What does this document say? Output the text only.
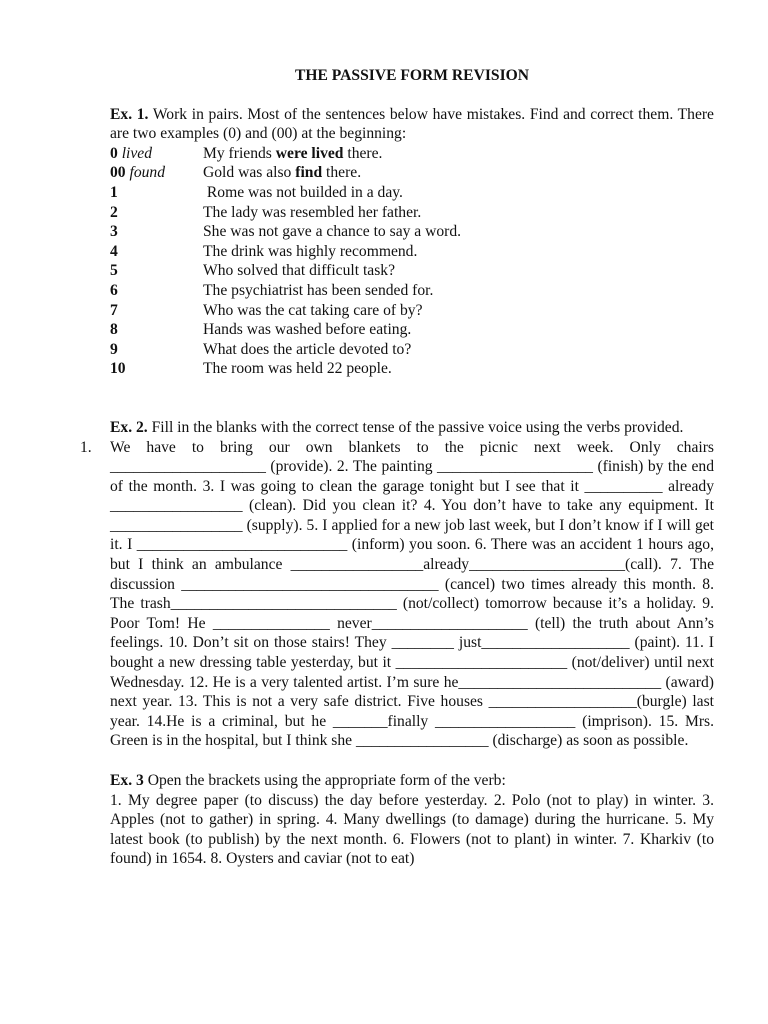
THE PASSIVE FORM REVISION

Ex. 1. Work in pairs. Most of the sentences below have mistakes. Find and correct them. There are two examples (0) and (00) at the beginning:

0 lived	My friends were lived there.
00 found	Gold was also find there.
1	Rome was not builded in a day.
2	The lady was resembled her father.
3	She was not gave a chance to say a word.
4	The drink was highly recommend.
5	Who solved that difficult task?
6	The psychiatrist has been sended for.
7	Who was the cat taking care of by?
8	Hands was washed before eating.
9	What does the article devoted to?
10	The room was held 22 people.

Ex. 2. Fill in the blanks with the correct tense of the passive voice using the verbs provided.

1. We have to bring our own blankets to the picnic next week. Only chairs ____________________ (provide). 2. The painting ____________________ (finish) by the end of the month. 3. I was going to clean the garage tonight but I see that it __________ already _________________ (clean). Did you clean it? 4. You don’t have to take any equipment. It _________________ (supply). 5. I applied for a new job last week, but I don’t know if I will get it. I ___________________________ (inform) you soon. 6. There was an accident 1 hours ago, but I think an ambulance _________________already____________________(call). 7. The discussion _________________________________ (cancel) two times already this month. 8. The trash_____________________________ (not/collect) tomorrow because it’s a holiday. 9. Poor Tom! He _______________ never____________________ (tell) the truth about Ann’s feelings. 10. Don’t sit on those stairs! They ________ just___________________ (paint). 11. I bought a new dressing table yesterday, but it ______________________ (not/deliver) until next Wednesday. 12. He is a very talented artist. I’m sure he__________________________ (award) next year. 13. This is not a very safe district. Five houses ___________________(burgle) last year. 14.He is a criminal, but he _______finally __________________ (imprison). 15. Mrs. Green is in the hospital, but I think she _________________ (discharge) as soon as possible.

Ex. 3 Open the brackets using the appropriate form of the verb:

1. My degree paper (to discuss) the day before yesterday. 2. Polo (not to play) in winter. 3. Apples (not to gather) in spring. 4. Many dwellings (to damage) during the hurricane. 5. My latest book (to publish) by the next month. 6. Flowers (not to plant) in winter. 7. Kharkiv (to found) in 1654. 8. Oysters and caviar (not to eat)
